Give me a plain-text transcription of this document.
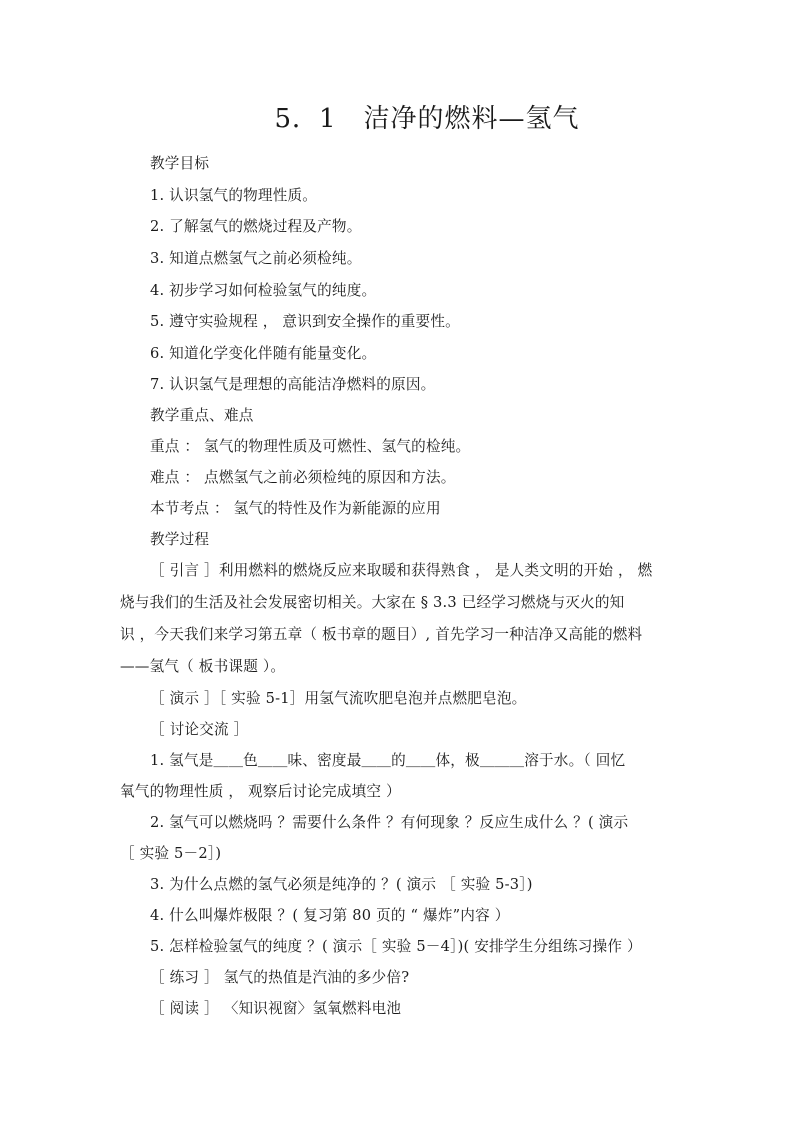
5．1　洁净的燃料—氢气
教学目标
1. 认识氢气的物理性质。
2. 了解氢气的燃烧过程及产物。
3. 知道点燃氢气之前必须检纯。
4. 初步学习如何检验氢气的纯度。
5. 遵守实验规程 ， 意识到安全操作的重要性。
6. 知道化学变化伴随有能量变化。
7. 认识氢气是理想的高能洁净燃料的原因。
教学重点、难点
重点 ： 氢气的物理性质及可燃性、氢气的检纯。
难点 ： 点燃氢气之前必须检纯的原因和方法。
本节考点 ： 氢气的特性及作为新能源的应用
教学过程
［ 引言 ］利用燃料的燃烧反应来取暖和获得熟食 ， 是人类文明的开始 ， 燃
烧与我们的生活及社会发展密切相关。大家在 § 3.3 已经学习燃烧与灭火的知
识 ，今天我们来学习第五章（ 板书章的题目）, 首先学习一种洁净又高能的燃料
——氢气（ 板书课题 ）。
［ 演示 ］［ 实验 5-1］用氢气流吹肥皂泡并点燃肥皂泡。
［ 讨论交流 ］
1. 氢气是＿＿色＿＿味、密度最＿＿的＿＿体，极＿＿＿溶于水。（ 回忆
氧气的物理性质 ， 观察后讨论完成填空 ）
2. 氢气可以燃烧吗 ？需要什么条件 ？有何现象 ？反应生成什么 ？( 演示
［ 实验 5－2］)
3. 为什么点燃的氢气必须是纯净的 ？( 演示 ［ 实验 5-3］)
4. 什么叫爆炸极限 ？( 复习第 80 页的 “ 爆炸”内容 ）
5. 怎样检验氢气的纯度 ？( 演示［ 实验 5－4］)( 安排学生分组练习操作 ）
［ 练习 ］ 氢气的热值是汽油的多少倍?
［ 阅读 ］ 〈知识视窗〉氢氧燃料电池
